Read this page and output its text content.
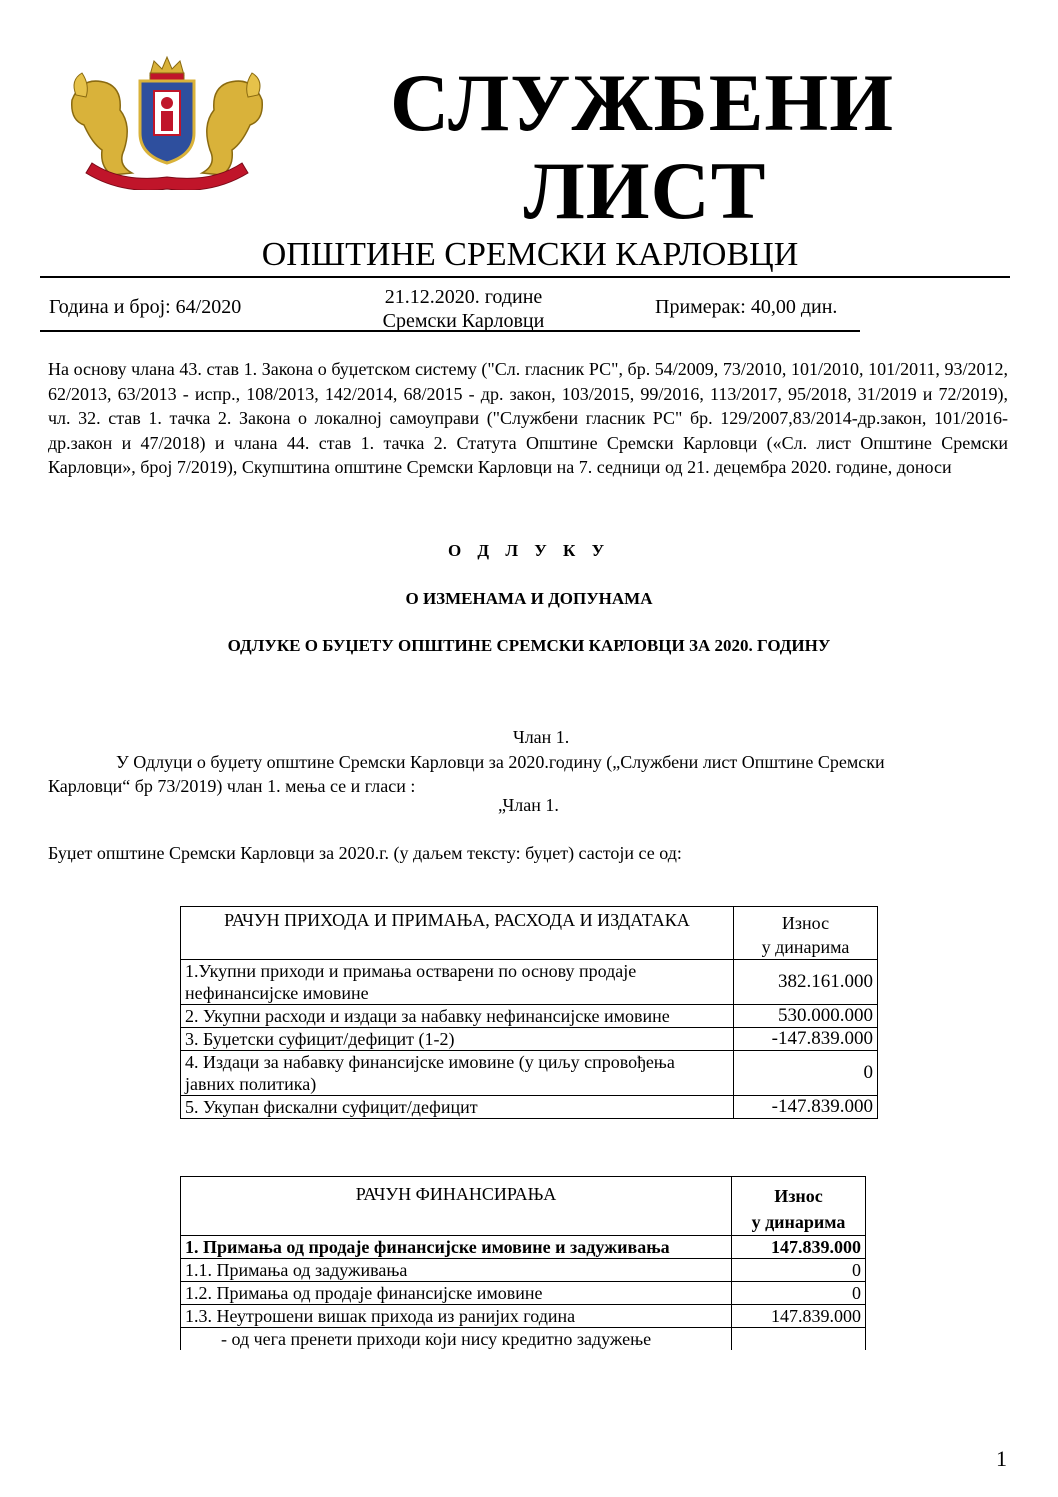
СЛУЖБЕНИ
ЛИСТ
ОПШТИНЕ СРЕМСКИ КАРЛОВЦИ
Година и број: 64/2020	21.12.2020. године
Сремски Карловци
Примерак: 40,00 дин.

На основу члана 43. став 1. Закона о буџетском систему ("Сл. гласник РС", бр. 54/2009, 73/2010, 101/2010, 101/2011, 93/2012, 62/2013, 63/2013 - испр., 108/2013, 142/2014, 68/2015 - др. закон, 103/2015, 99/2016, 113/2017, 95/2018, 31/2019 и 72/2019), чл. 32. став 1. тачка 2. Закона о локалној самоуправи ("Службени гласник РС" бр. 129/2007,83/2014-др.закон, 101/2016-др.закон и 47/2018) и члана 44. став 1. тачка 2. Статута Општине Сремски Карловци («Сл. лист Општине Сремски Карловци», број 7/2019), Скупштина општине Сремски Карловци на 7. седници од 21. децембра 2020. године, доноси

О Д Л У К У
О ИЗМЕНАМА И ДОПУНАМА
ОДЛУКЕ О БУЏЕТУ ОПШТИНЕ СРЕМСКИ КАРЛОВЦИ ЗА 2020. ГОДИНУ
Члан 1.

У Одлуци о буџету општине Сремски Карловци за 2020.годину („Службени лист Општине Сремски Карловци“ бр 73/2019) члан 1. мења се и гласи :

„Члан 1.
Буџет општине Сремски Карловци за 2020.г. (у даљем тексту: буџет) састоји се од:
РАЧУН ПРИХОДА И ПРИМАЊА, РАСХОДА И ИЗДАТАКА	Износ
у динарима

1.Укупни приходи и примања остварени по основу продаје нефинансијске имовине	382.161.000
2. Укупни расходи и издаци за набавку нефинансијске имовине	530.000.000
3. Буџетски суфицит/дефицит (1-2)	-147.839.000
4. Издаци за набавку финансијске имовине (у циљу спровођења јавних политика)	0
5. Укупан фискални суфицит/дефицит	-147.839.000
РАЧУН ФИНАНСИРАЊА	Износ
у динарима

1. Примања од продаје финансијске имовине и задуживања	147.839.000
1.1. Примања од задуживања	0
1.2. Примања од продаје финансијске имовине	0
1.3. Неутрошени вишак прихода из ранијих година	147.839.000
- од чега пренети приходи који нису кредитно задужење	
1
